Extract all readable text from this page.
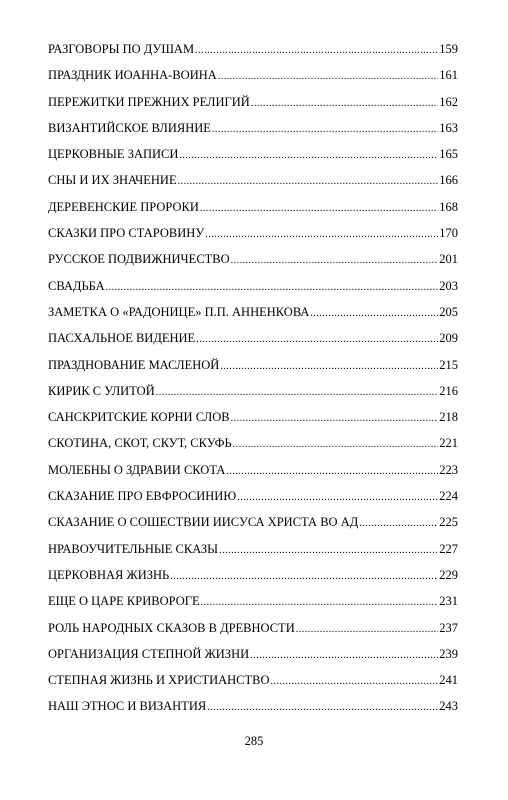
РАЗГОВОРЫ ПО ДУШАМ .....	159
ПРАЗДНИК ИОАННА-ВОИНА .....	161
ПЕРЕЖИТКИ ПРЕЖНИХ РЕЛИГИЙ .....	162
ВИЗАНТИЙСКОЕ ВЛИЯНИЕ .....	163
ЦЕРКОВНЫЕ ЗАПИСИ .....	165
СНЫ И ИХ ЗНАЧЕНИЕ .....	166
ДЕРЕВЕНСКИЕ ПРОРОКИ .....	168
СКАЗКИ ПРО СТАРОВИНУ .....	170
РУССКОЕ ПОДВИЖНИЧЕСТВО .....	201
СВАДЬБА .....	203
ЗАМЕТКА О «РАДОНИЦЕ» П.П. АННЕНКОВА .....	205
ПАСХАЛЬНОЕ ВИДЕНИЕ .....	209
ПРАЗДНОВАНИЕ МАСЛЕНОЙ .....	215
КИРИК С УЛИТОЙ .....	216
САНСКРИТСКИЕ КОРНИ СЛОВ .....	218
СКОТИНА, СКОТ, СКУТ, СКУФЬ .....	221
МОЛЕБНЫ О ЗДРАВИИ СКОТА .....	223
СКАЗАНИЕ ПРО ЕВФРОСИНИЮ .....	224
СКАЗАНИЕ О СОШЕСТВИИ ИИСУСА ХРИСТА ВО АД .....	225
НРАВОУЧИТЕЛЬНЫЕ СКАЗЫ .....	227
ЦЕРКОВНАЯ ЖИЗНЬ .....	229
ЕЩЕ О ЦАРЕ КРИВОРОГЕ .....	231
РОЛЬ НАРОДНЫХ СКАЗОВ В ДРЕВНОСТИ .....	237
ОРГАНИЗАЦИЯ СТЕПНОЙ ЖИЗНИ .....	239
СТЕПНАЯ ЖИЗНЬ И ХРИСТИАНСТВО .....	241
НАШ ЭТНОС И ВИЗАНТИЯ .....	243
285
